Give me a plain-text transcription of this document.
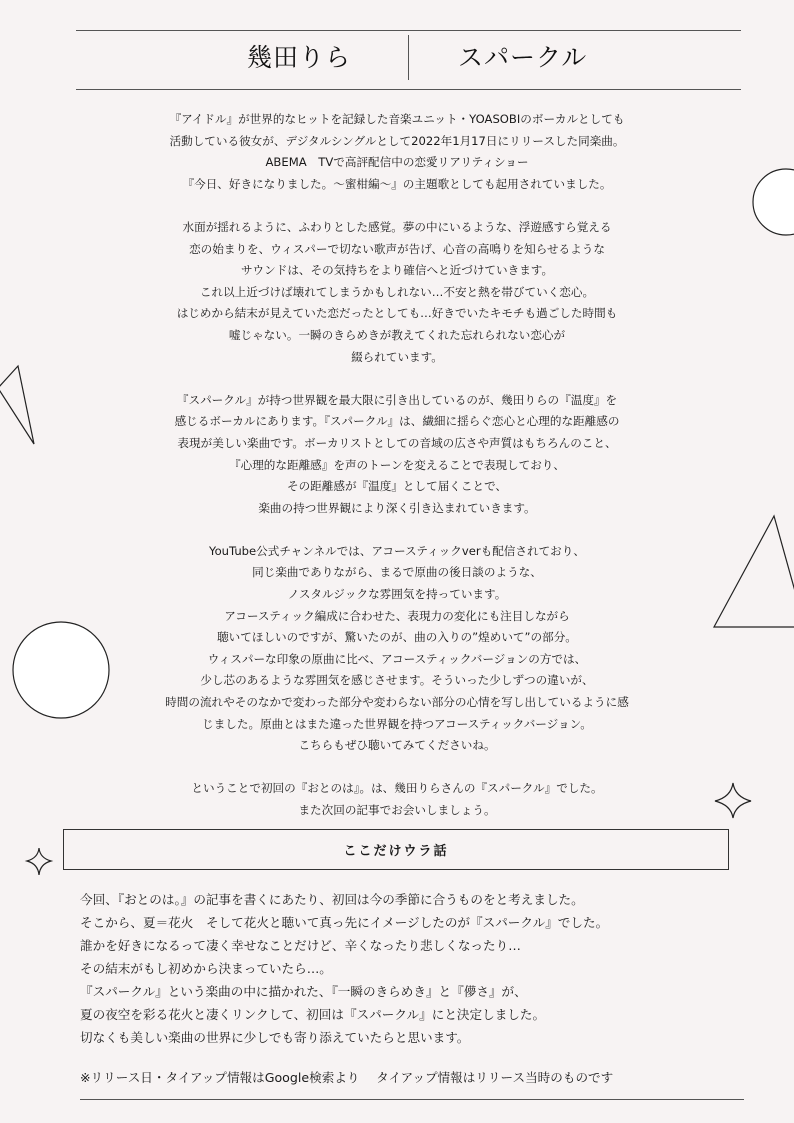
幾田りら	スパークル
『アイドル』が世界的なヒットを記録した音楽ユニット・YOASOBIのボーカルとしても
活動している彼女が、デジタルシングルとして2022年1月17日にリリースした同楽曲。
ABEMA　TVで高評配信中の恋愛リアリティショー
『今日、好きになりました。〜蜜柑編〜』の主題歌としても起用されていました。
水面が揺れるように、ふわりとした感覚。夢の中にいるような、浮遊感すら覚える
恋の始まりを、ウィスパーで切ない歌声が告げ、心音の高鳴りを知らせるような
サウンドは、その気持ちをより確信へと近づけていきます。
これ以上近づけば壊れてしまうかもしれない…不安と熱を帯びていく恋心。
はじめから結末が見えていた恋だったとしても…好きでいたキモチも過ごした時間も
嘘じゃない。一瞬のきらめきが教えてくれた忘れられない恋心が
綴られています。
『スパークル』が持つ世界観を最大限に引き出しているのが、幾田りらの『温度』を
感じるボーカルにあります。『スパークル』は、繊細に揺らぐ恋心と心理的な距離感の
表現が美しい楽曲です。ボーカリストとしての音域の広さや声質はもちろんのこと、
『心理的な距離感』を声のトーンを変えることで表現しており、
その距離感が『温度』として届くことで、
楽曲の持つ世界観により深く引き込まれていきます。
YouTube公式チャンネルでは、アコースティックverも配信されており、
同じ楽曲でありながら、まるで原曲の後日談のような、
ノスタルジックな雰囲気を持っています。
アコースティック編成に合わせた、表現力の変化にも注目しながら
聴いてほしいのですが、驚いたのが、曲の入りの”煌めいて”の部分。
ウィスパーな印象の原曲に比べ、アコースティックバージョンの方では、
少し芯のあるような雰囲気を感じさせます。そういった少しずつの違いが、
時間の流れやそのなかで変わった部分や変わらない部分の心情を写し出しているように感
じました。原曲とはまた違った世界観を持つアコースティックバージョン。
こちらもぜひ聴いてみてくださいね。
ということで初回の『おとのは』。は、幾田りらさんの『スパークル』でした。
また次回の記事でお会いしましょう。
ここだけウラ話
今回、『おとのは。』の記事を書くにあたり、初回は今の季節に合うものをと考えました。
そこから、夏＝花火　そして花火と聴いて真っ先にイメージしたのが『スパークル』でした。
誰かを好きになるって凄く幸せなことだけど、辛くなったり悲しくなったり…
その結末がもし初めから決まっていたら…。
『スパークル』という楽曲の中に描かれた、『一瞬のきらめき』と『儚さ』が、
夏の夜空を彩る花火と凄くリンクして、初回は『スパークル』にと決定しました。
切なくも美しい楽曲の世界に少しでも寄り添えていたらと思います。
※リリース日・タイアップ情報はGoogle検索より　 タイアップ情報はリリース当時のものです
